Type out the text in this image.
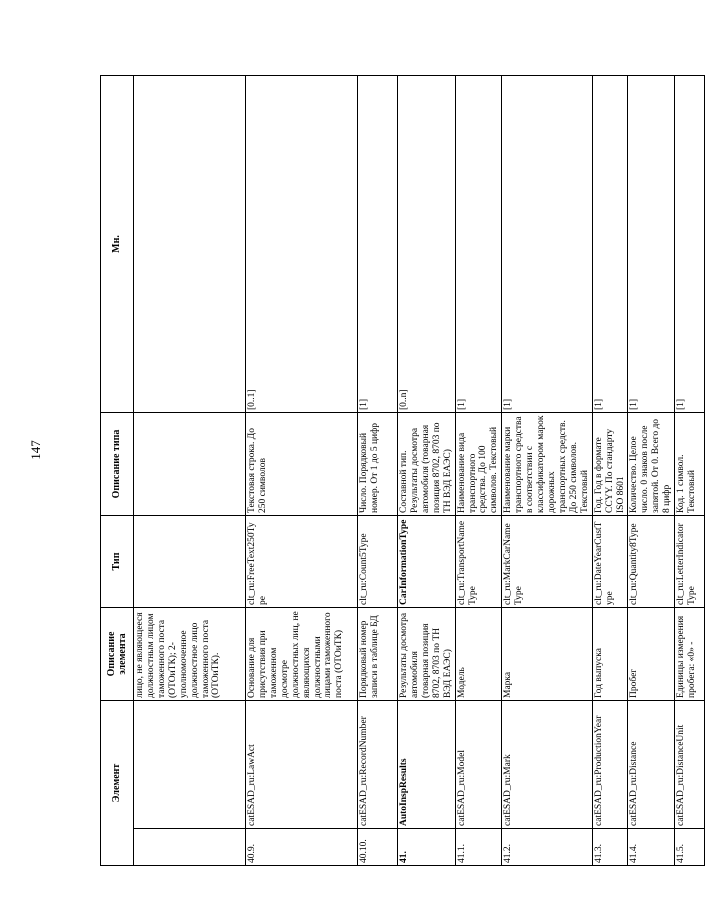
147
Элемент		Описание элемента	Тип	Описание типа	Мн.
		лицо, не являющееся должностным лицом таможенного поста (ОТОиТК); 2- уполномоченное должностное лицо таможенного поста (ОТОиТК).			
40.9.	catESAD_ru:LawAct	Основание для присутствия при таможенном досмотре должностных лиц, не являющихся должностными лицами таможенного поста (ОТОиТК)	clt_ru:FreeText250Type	Текстовая строка. До 250 символов	[0..1]
40.10.	catESAD_ru:RecordNumber	Порядковый номер записи в таблице БД	clt_ru:Count5Type	Число. Порядковый номер. От 1 до 5 цифр	[1]
41.	AutoInspResults	Результаты досмотра автомобиля (товарная позиция 8702, 8703 по ТН ВЭД ЕАЭС)	CarInformationType	Составной тип. Результаты досмотра автомобиля (товарная позиция 8702, 8703 по ТН ВЭД ЕАЭС)	[0..n]
41.1.	catESAD_ru:Model	Модель	clt_ru:TransportNameType	Наименование вида транспортного средства. До 100 символов. Текстовый	[1]
41.2.	catESAD_ru:Mark	Марка	clt_ru:MarkCarNameType	Наименование марки транспортного средства в соответствии с классификатором марок дорожных транспортных средств. До 250 символов. Текстовый	[1]
41.3.	catESAD_ru:ProductionYear	Год выпуска	clt_ru:DateYearCustType	Год. Год в формате CCYY. По стандарту ISO 8601	[1]
41.4.	catESAD_ru:Distance	Пробег	clt_ru:Quantity8Type	Количество. Целое число. 0 знаков после запятой. От 0. Всего до 8 цифр	[1]
41.5.	catESAD_ru:DistanceUnit	Единицы измерения пробега: «0» -	clt_ru:LetterIndicatorType	Код. 1 символ. Текстовый	[1]
